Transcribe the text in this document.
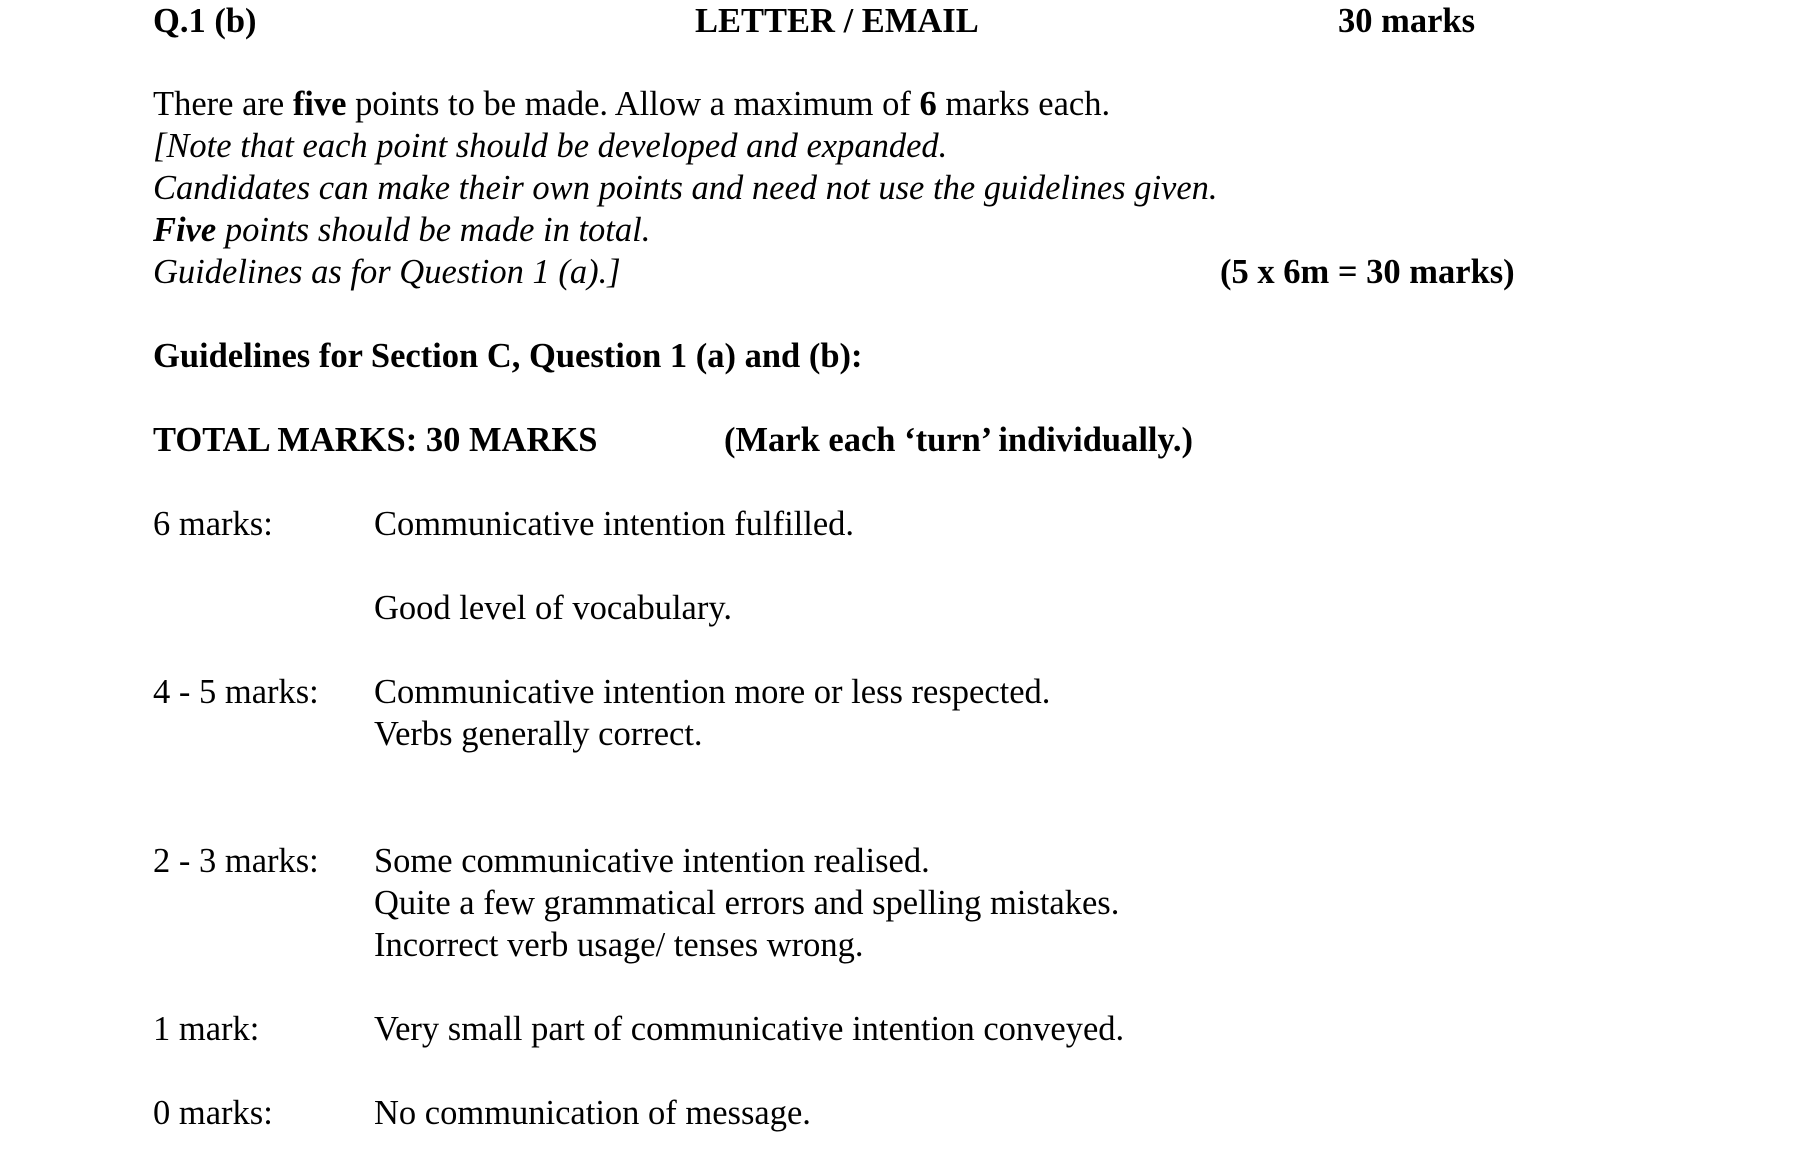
Q.1 (b)	LETTER / EMAIL	30 marks
There are five points to be made. Allow a maximum of 6 marks each.
[Note that each point should be developed and expanded.
Candidates can make their own points and need not use the guidelines given.
Five points should be made in total.
Guidelines as for Question 1 (a).]	(5 x 6m = 30 marks)
Guidelines for Section C, Question 1 (a) and (b):
TOTAL MARKS: 30 MARKS	(Mark each ‘turn’ individually.)
6 marks:	Communicative intention fulfilled.
Good level of vocabulary.
4 - 5 marks: Communicative intention more or less respected.
Verbs generally correct.
2 - 3 marks: Some communicative intention realised.
Quite a few grammatical errors and spelling mistakes.
Incorrect verb usage/ tenses wrong.
1 mark:	Very small part of communicative intention conveyed.
0 marks:	No communication of message.
